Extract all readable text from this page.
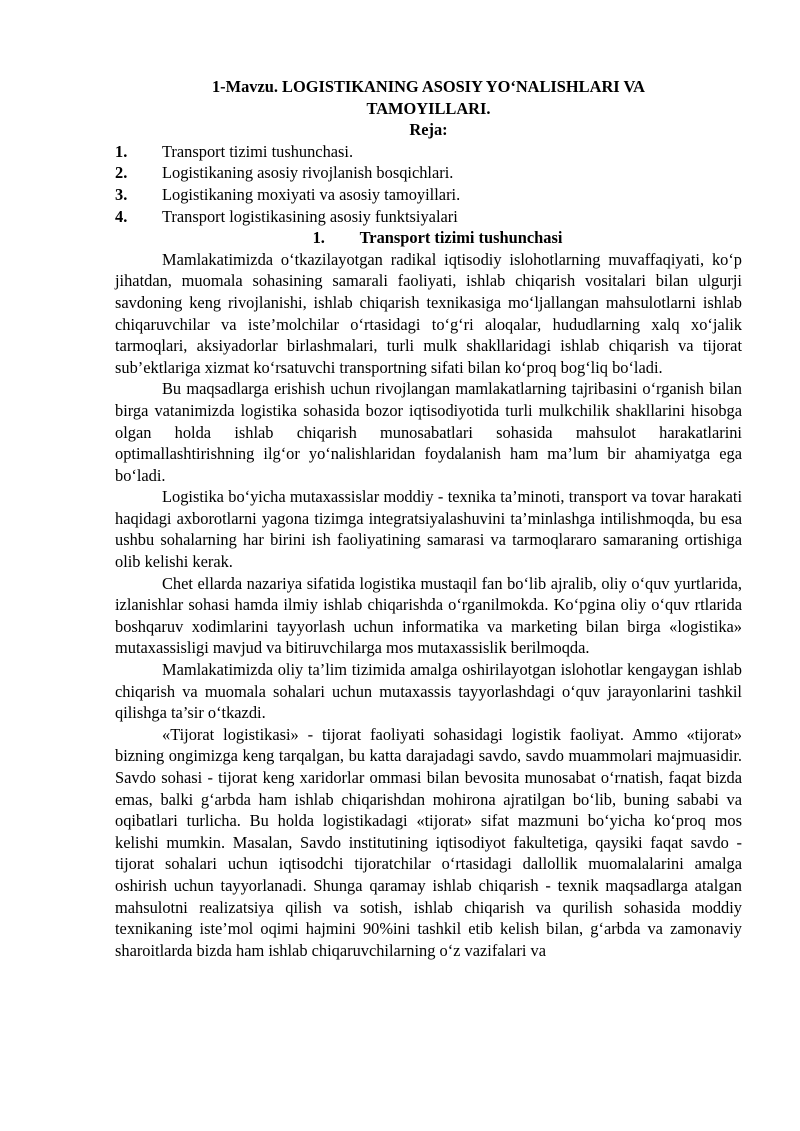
1-Mavzu. LOGISTIKANING ASOSIY YO‘NALISHLARI VA TAMOYILLARI.

Reja:

1.	Transport tizimi tushunchasi.
2.	Logistikaning asosiy rivojlanish bosqichlari.
3.	Logistikaning moxiyati va asosiy tamoyillari.
4.	Transport logistikasining asosiy funktsiyalari

1. Transport tizimi tushunchasi

Mamlakatimizda o‘tkazilayotgan radikal iqtisodiy islohotlarning muvaffaqiyati, ko‘p jihatdan, muomala sohasining samarali faoliyati, ishlab chiqarish vositalari bilan ulgurji savdoning keng rivojlanishi, ishlab chiqarish texnikasiga mo‘ljallangan mahsulotlarni ishlab chiqaruvchilar va iste’molchilar o‘rtasidagi to‘g‘ri aloqalar, hududlarning xalq xo‘jalik tarmoqlari, aksiyadorlar birlashmalari, turli mulk shakllaridagi ishlab chiqarish va tijorat sub’ektlariga xizmat ko‘rsatuvchi transportning sifati bilan ko‘proq bog‘liq bo‘ladi.

Bu maqsadlarga erishish uchun rivojlangan mamlakatlarning tajribasini o‘rganish bilan birga vatanimizda logistika sohasida bozor iqtisodiyotida turli mulkchilik shakllarini hisobga olgan holda ishlab chiqarish munosabatlari sohasida mahsulot harakatlarini optimallashtirishning ilg‘or yo‘nalishlaridan foydalanish ham ma’lum bir ahamiyatga ega bo‘ladi.

Logistika bo‘yicha mutaxassislar moddiy - texnika ta’minoti, transport va tovar harakati haqidagi axborotlarni yagona tizimga integratsiyalashuvini ta’minlashga intilishmoqda, bu esa ushbu sohalarning har birini ish faoliyatining samarasi va tarmoqlararo samaraning ortishiga olib kelishi kerak.

Chet ellarda nazariya sifatida logistika mustaqil fan bo‘lib ajralib, oliy o‘quv yurtlarida, izlanishlar sohasi hamda ilmiy ishlab chiqarishda o‘rganilmokda. Ko‘pgina oliy o‘quv rtlarida boshqaruv xodimlarini tayyorlash uchun informatika va marketing bilan birga «logistika» mutaxassisligi mavjud va bitiruvchilarga mos mutaxassislik berilmoqda.

Mamlakatimizda oliy ta’lim tizimida amalga oshirilayotgan islohotlar kengaygan ishlab chiqarish va muomala sohalari uchun mutaxassis tayyorlashdagi o‘quv jarayonlarini tashkil qilishga ta’sir o‘tkazdi.

«Tijorat logistikasi» - tijorat faoliyati sohasidagi logistik faoliyat. Ammo «tijorat» bizning ongimizga keng tarqalgan, bu katta darajadagi savdo, savdo muammolari majmuasidir. Savdo sohasi - tijorat keng xaridorlar ommasi bilan bevosita munosabat o‘rnatish, faqat bizda emas, balki g‘arbda ham ishlab chiqarishdan mohirona ajratilgan bo‘lib, buning sababi va oqibatlari turlicha. Bu holda logistikadagi «tijorat» sifat mazmuni bo‘yicha ko‘proq mos kelishi mumkin. Masalan, Savdo institutining iqtisodiyot fakultetiga, qaysiki faqat savdo - tijorat sohalari uchun iqtisodchi tijoratchilar o‘rtasidagi dallollik muomalalarini amalga oshirish uchun tayyorlanadi. Shunga qaramay ishlab chiqarish - texnik maqsadlarga atalgan mahsulotni realizatsiya qilish va sotish, ishlab chiqarish va qurilish sohasida moddiy texnikaning iste’mol oqimi hajmini 90%ini tashkil etib kelish bilan, g‘arbda va zamonaviy sharoitlarda bizda ham ishlab chiqaruvchilarning o‘z vazifalari va
